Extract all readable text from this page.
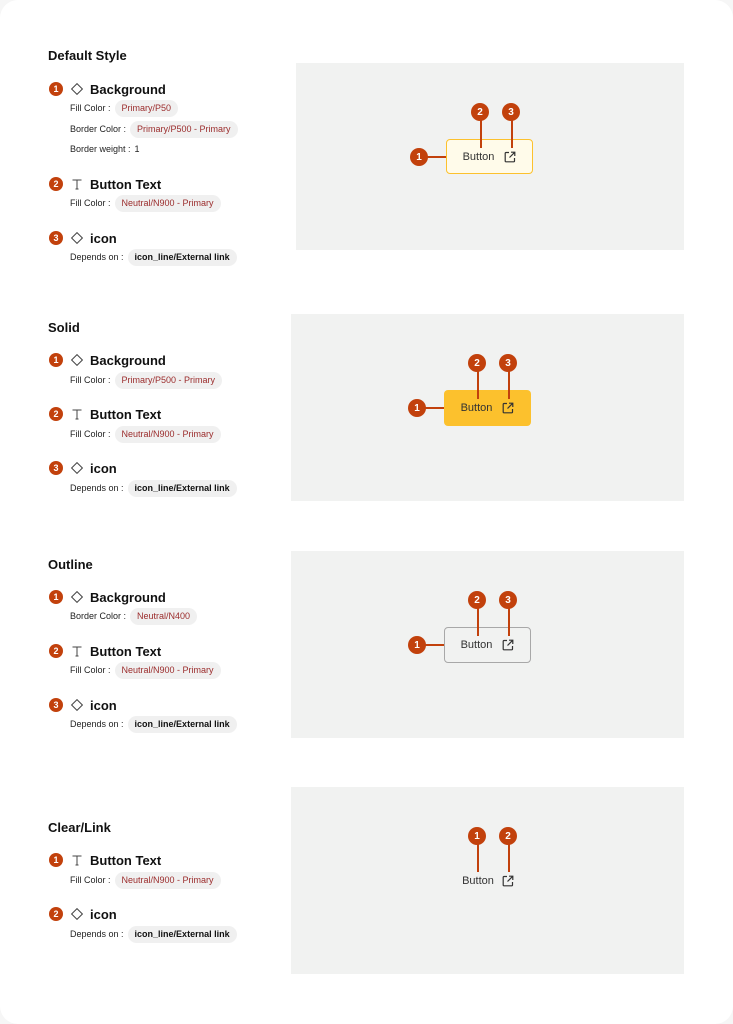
Default Style
1	Background
Fill Color :	Primary/P50
Border Color :	Primary/P500 - Primary
Border weight : 1
2	Button Text
Fill Color :	Neutral/N900 - Primary
3	icon
Depends on :	icon_line/External link
Button
1
2	3
Solid
1	Background
Fill Color :	Primary/P500 - Primary
2	Button Text
Fill Color :	Neutral/N900 - Primary
3	icon
Depends on :	icon_line/External link
Button
1
2	3
Outline
1	Background
Border Color :	Neutral/N400
2	Button Text
Fill Color :	Neutral/N900 - Primary
3	icon
Depends on :	icon_line/External link
Button
1
2	3
Clear/Link
1	Button Text
Fill Color :	Neutral/N900 - Primary
2	icon
Depends on :	icon_line/External link
Button
1	2
